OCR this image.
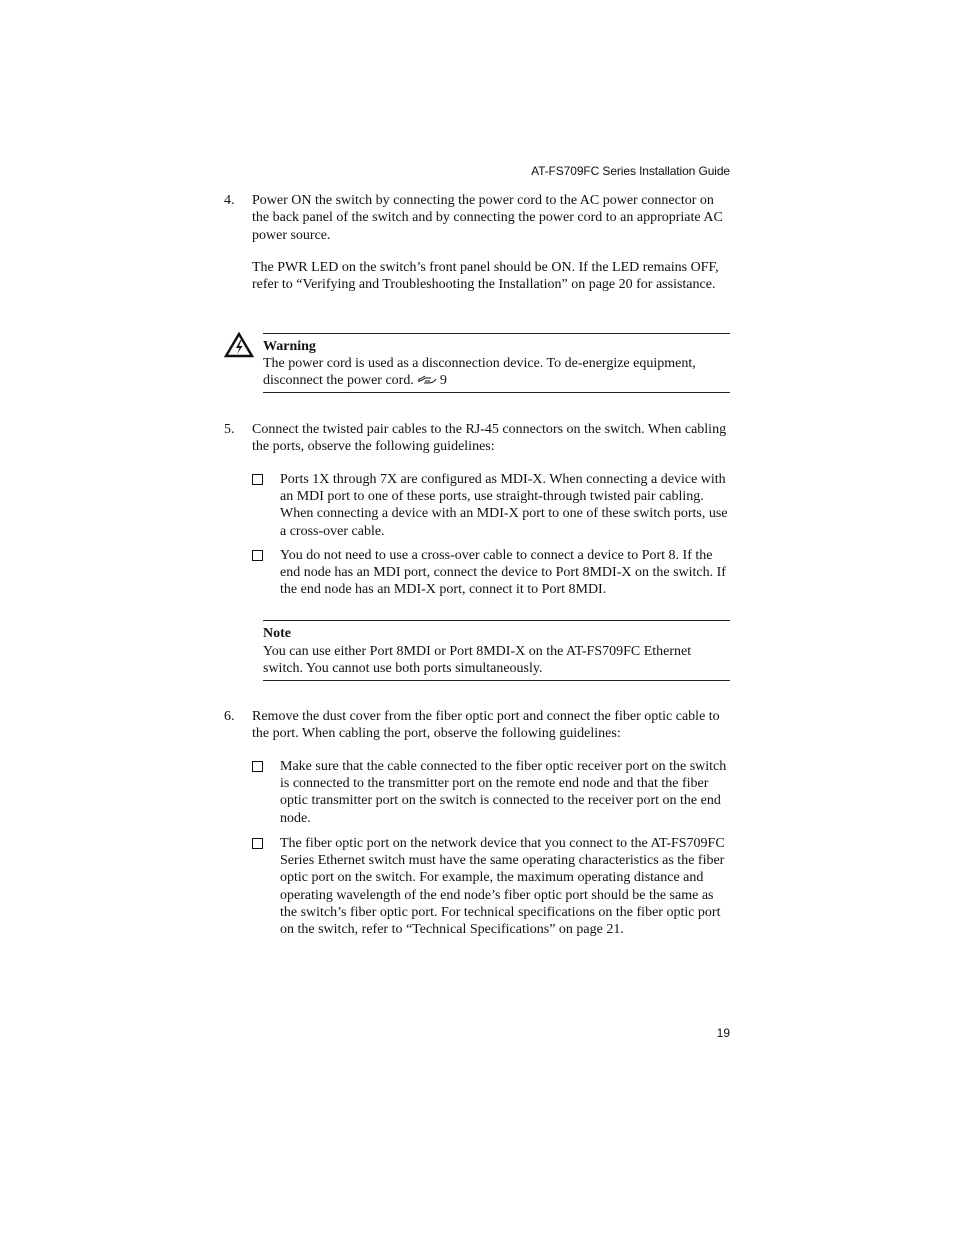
AT-FS709FC Series Installation Guide
4. Power ON the switch by connecting the power cord to the AC power connector on the back panel of the switch and by connecting the power cord to an appropriate AC power source.
The PWR LED on the switch’s front panel should be ON. If the LED remains OFF, refer to “Verifying and Troubleshooting the Installation” on page 20 for assistance.
Warning
The power cord is used as a disconnection device. To de-energize equipment, disconnect the power cord. 9
5. Connect the twisted pair cables to the RJ-45 connectors on the switch. When cabling the ports, observe the following guidelines:
Ports 1X through 7X are configured as MDI-X. When connecting a device with an MDI port to one of these ports, use straight-through twisted pair cabling. When connecting a device with an MDI-X port to one of these switch ports, use a cross-over cable.
You do not need to use a cross-over cable to connect a device to Port 8. If the end node has an MDI port, connect the device to Port 8MDI-X on the switch. If the end node has an MDI-X port, connect it to Port 8MDI.
Note
You can use either Port 8MDI or Port 8MDI-X on the AT-FS709FC Ethernet switch. You cannot use both ports simultaneously.
6. Remove the dust cover from the fiber optic port and connect the fiber optic cable to the port. When cabling the port, observe the following guidelines:
Make sure that the cable connected to the fiber optic receiver port on the switch is connected to the transmitter port on the remote end node and that the fiber optic transmitter port on the switch is connected to the receiver port on the end node.
The fiber optic port on the network device that you connect to the AT-FS709FC Series Ethernet switch must have the same operating characteristics as the fiber optic port on the switch. For example, the maximum operating distance and operating wavelength of the end node’s fiber optic port should be the same as the switch’s fiber optic port. For technical specifications on the fiber optic port on the switch, refer to “Technical Specifications” on page 21.
19
